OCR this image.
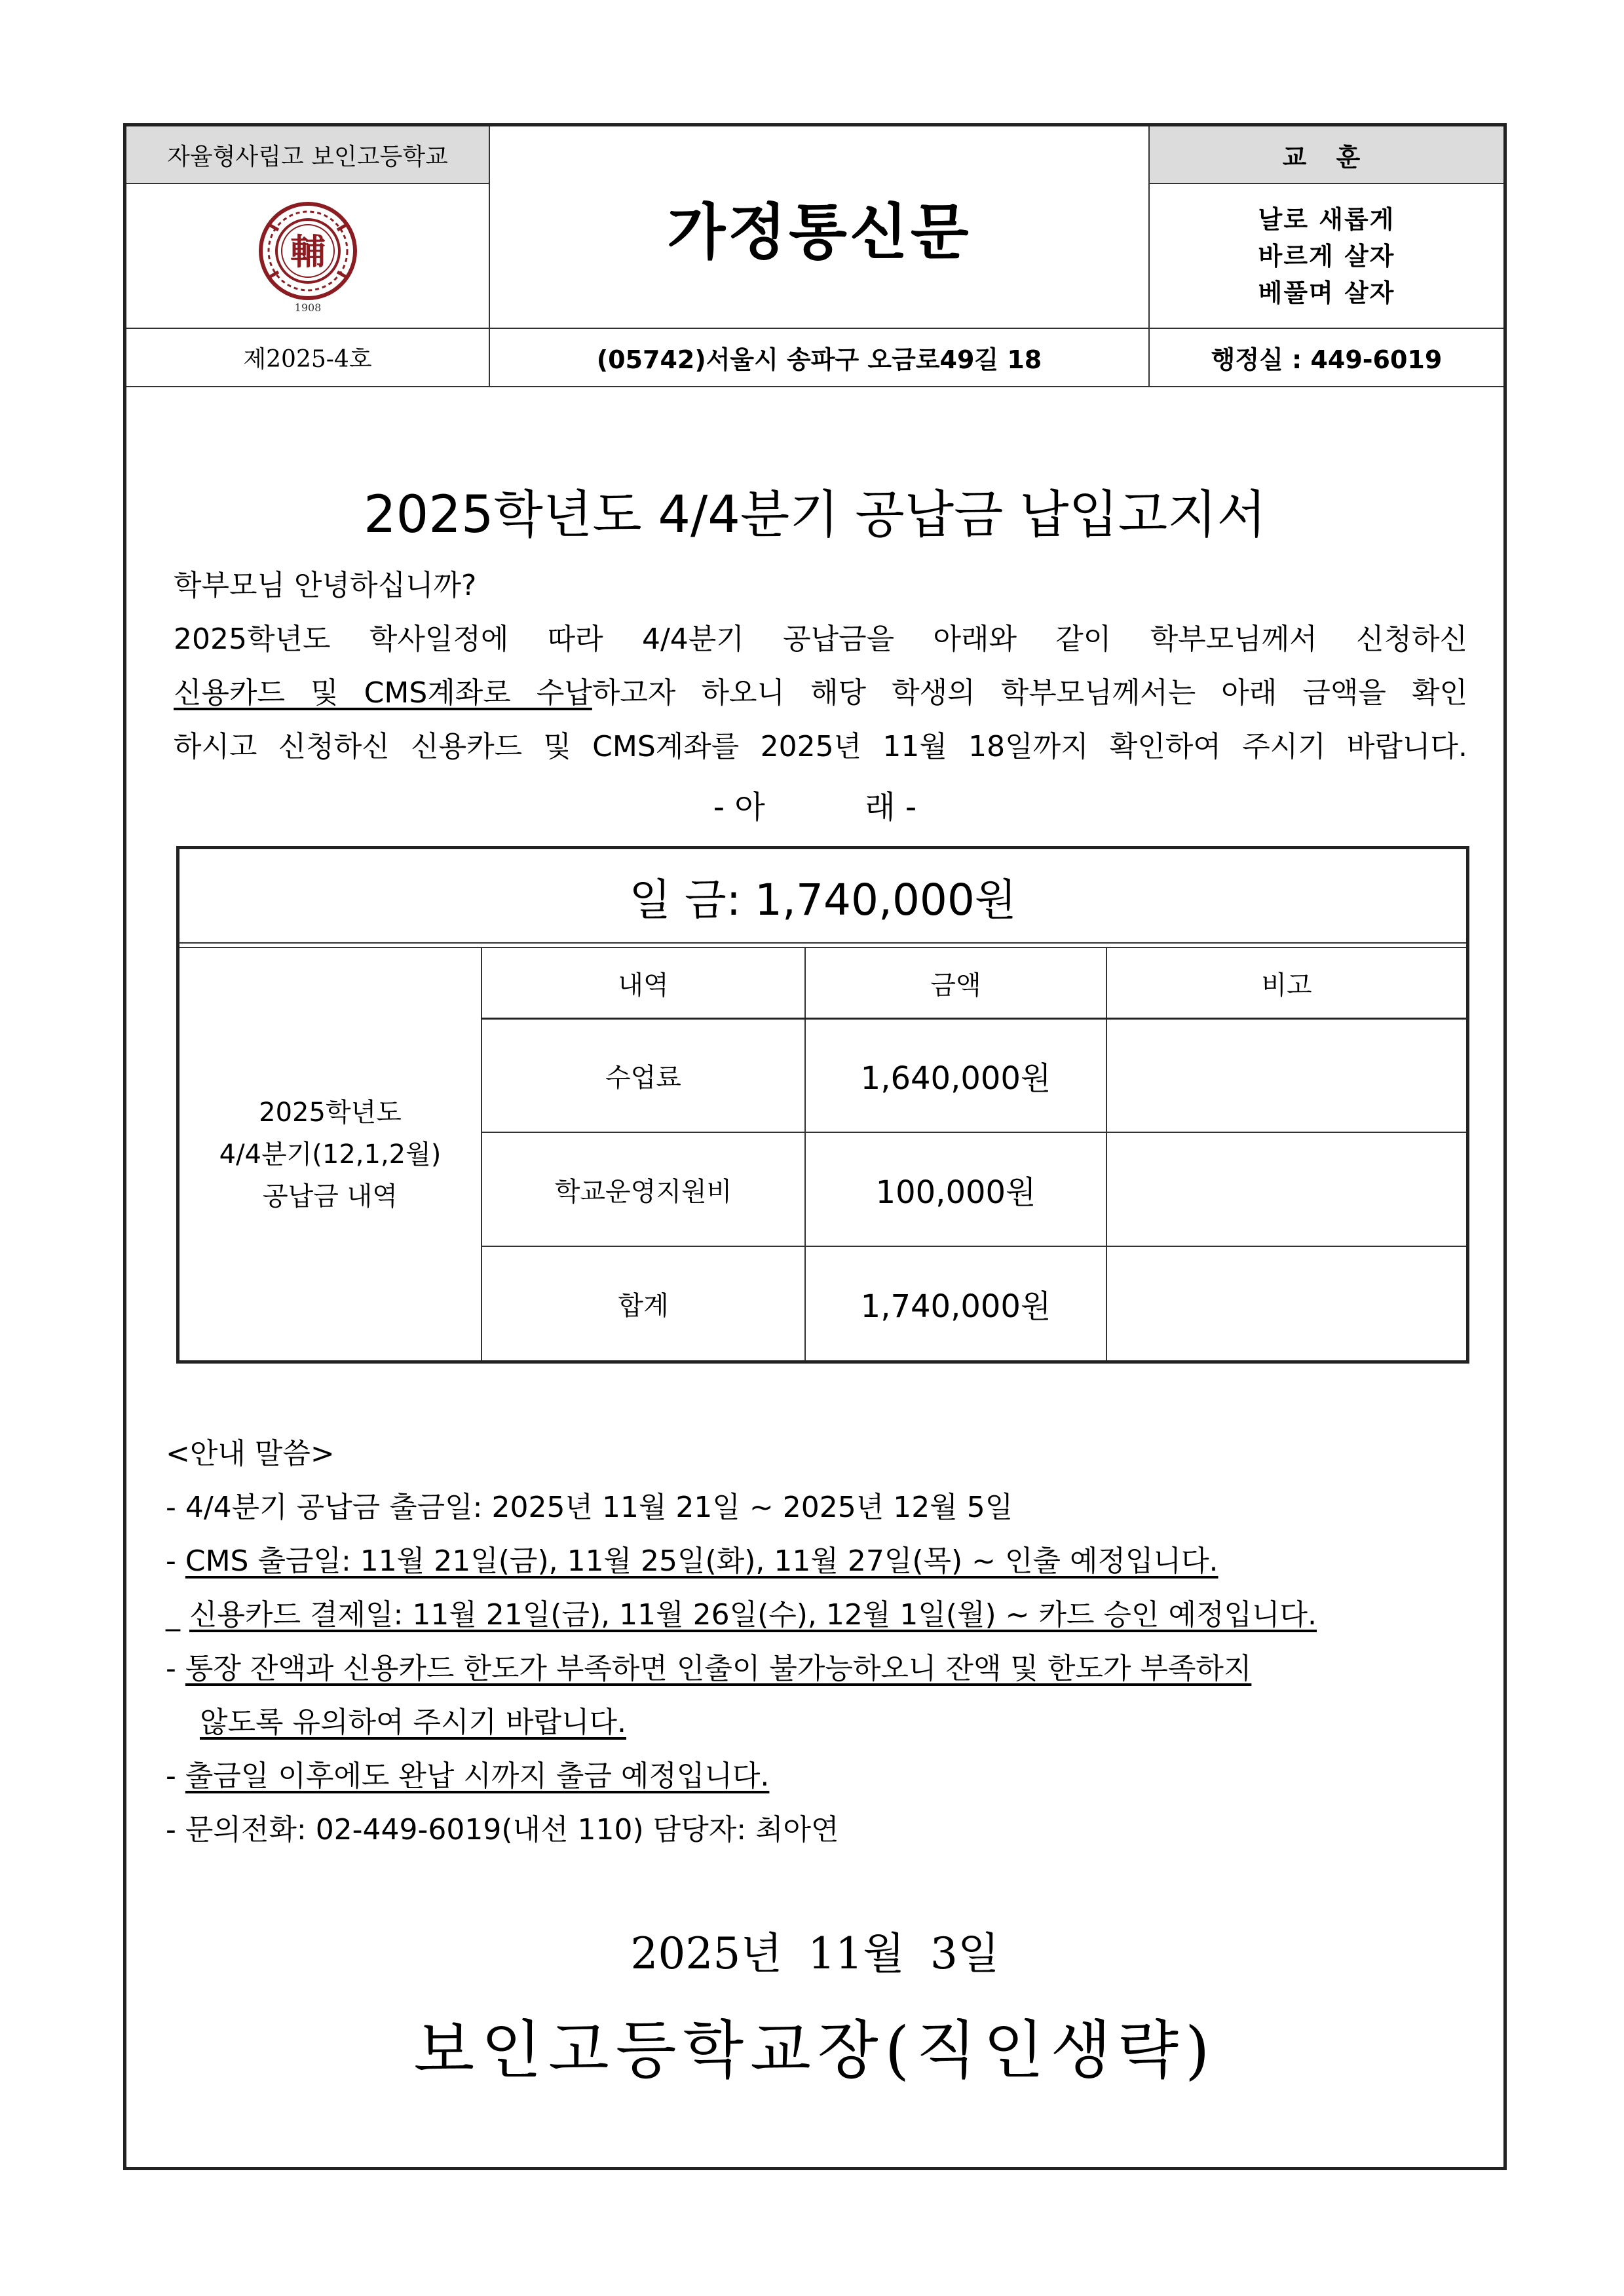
자율형사립고 보인고등학교
輔
1908
가정통신문
교 훈
날로 새롭게
바르게 살자
베풀며 살자
제2025-4호	(05742)서울시 송파구 오금로49길 18	행정실 : 449-6019
2025학년도 4/4분기 공납금 납입고지서
학부모님 안녕하십니까?
2025학년도 학사일정에 따라 4/4분기 공납금을 아래와 같이 학부모님께서 신청하신
신용카드 및 CMS계좌로 수납하고자 하오니 해당 학생의 학부모님께서는 아래 금액을 확인
하시고 신청하신 신용카드 및 CMS계좌를 2025년 11월 18일까지 확인하여 주시기 바랍니다.
- 아          래 -
일 금: 1,740,000원
2025학년도
4/4분기(12,1,2월)
공납금 내역
내역	금액	비고
수업료	1,640,000원
학교운영지원비	100,000원
합계	1,740,000원
<안내 말씀>
- 4/4분기 공납금 출금일: 2025년 11월 21일 ~ 2025년 12월 5일
- CMS 출금일: 11월 21일(금), 11월 25일(화), 11월 27일(목) ~ 인출 예정입니다.
_ 신용카드 결제일: 11월 21일(금), 11월 26일(수), 12월 1일(월) ~ 카드 승인 예정입니다.
- 통장 잔액과 신용카드 한도가 부족하면 인출이 불가능하오니 잔액 및 한도가 부족하지
않도록 유의하여 주시기 바랍니다.
- 출금일 이후에도 완납 시까지 출금 예정입니다.
- 문의전화: 02-449-6019(내선 110) 담당자: 최아연
2025년 11월 3일
보인고등학교장(직인생략)
